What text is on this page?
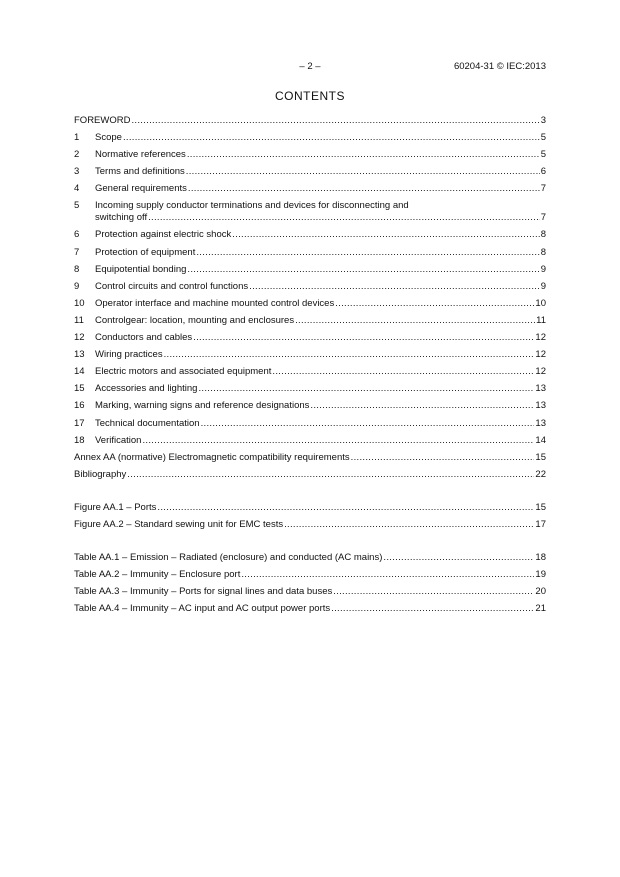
– 2 –	60204-31 © IEC:2013
CONTENTS
FOREWORD .....	3
1	Scope .....	5
2	Normative references .....	5
3	Terms and definitions .....	6
4	General requirements .....	7
5	Incoming supply conductor terminations and devices for disconnecting and
switching off .....	7
6	Protection against electric shock .....	8
7	Protection of equipment .....	8
8	Equipotential bonding .....	9
9	Control circuits and control functions .....	9
10	Operator interface and machine mounted control devices .....	10
11	Controlgear: location, mounting and enclosures .....	11
12	Conductors and cables .....	12
13	Wiring practices .....	12
14	Electric motors and associated equipment .....	12
15	Accessories and lighting .....	13
16	Marking, warning signs and reference designations .....	13
17	Technical documentation .....	13
18	Verification .....	14
Annex AA (normative) Electromagnetic compatibility requirements .....	15
Bibliography .....	22
Figure AA.1 – Ports .....	15
Figure AA.2 – Standard sewing unit for EMC tests .....	17
Table AA.1 – Emission – Radiated (enclosure) and conducted (AC mains) .....	18
Table AA.2 – Immunity – Enclosure port .....	19
Table AA.3 – Immunity – Ports for signal lines and data buses .....	20
Table AA.4 – Immunity – AC input and AC output power ports .....	21
